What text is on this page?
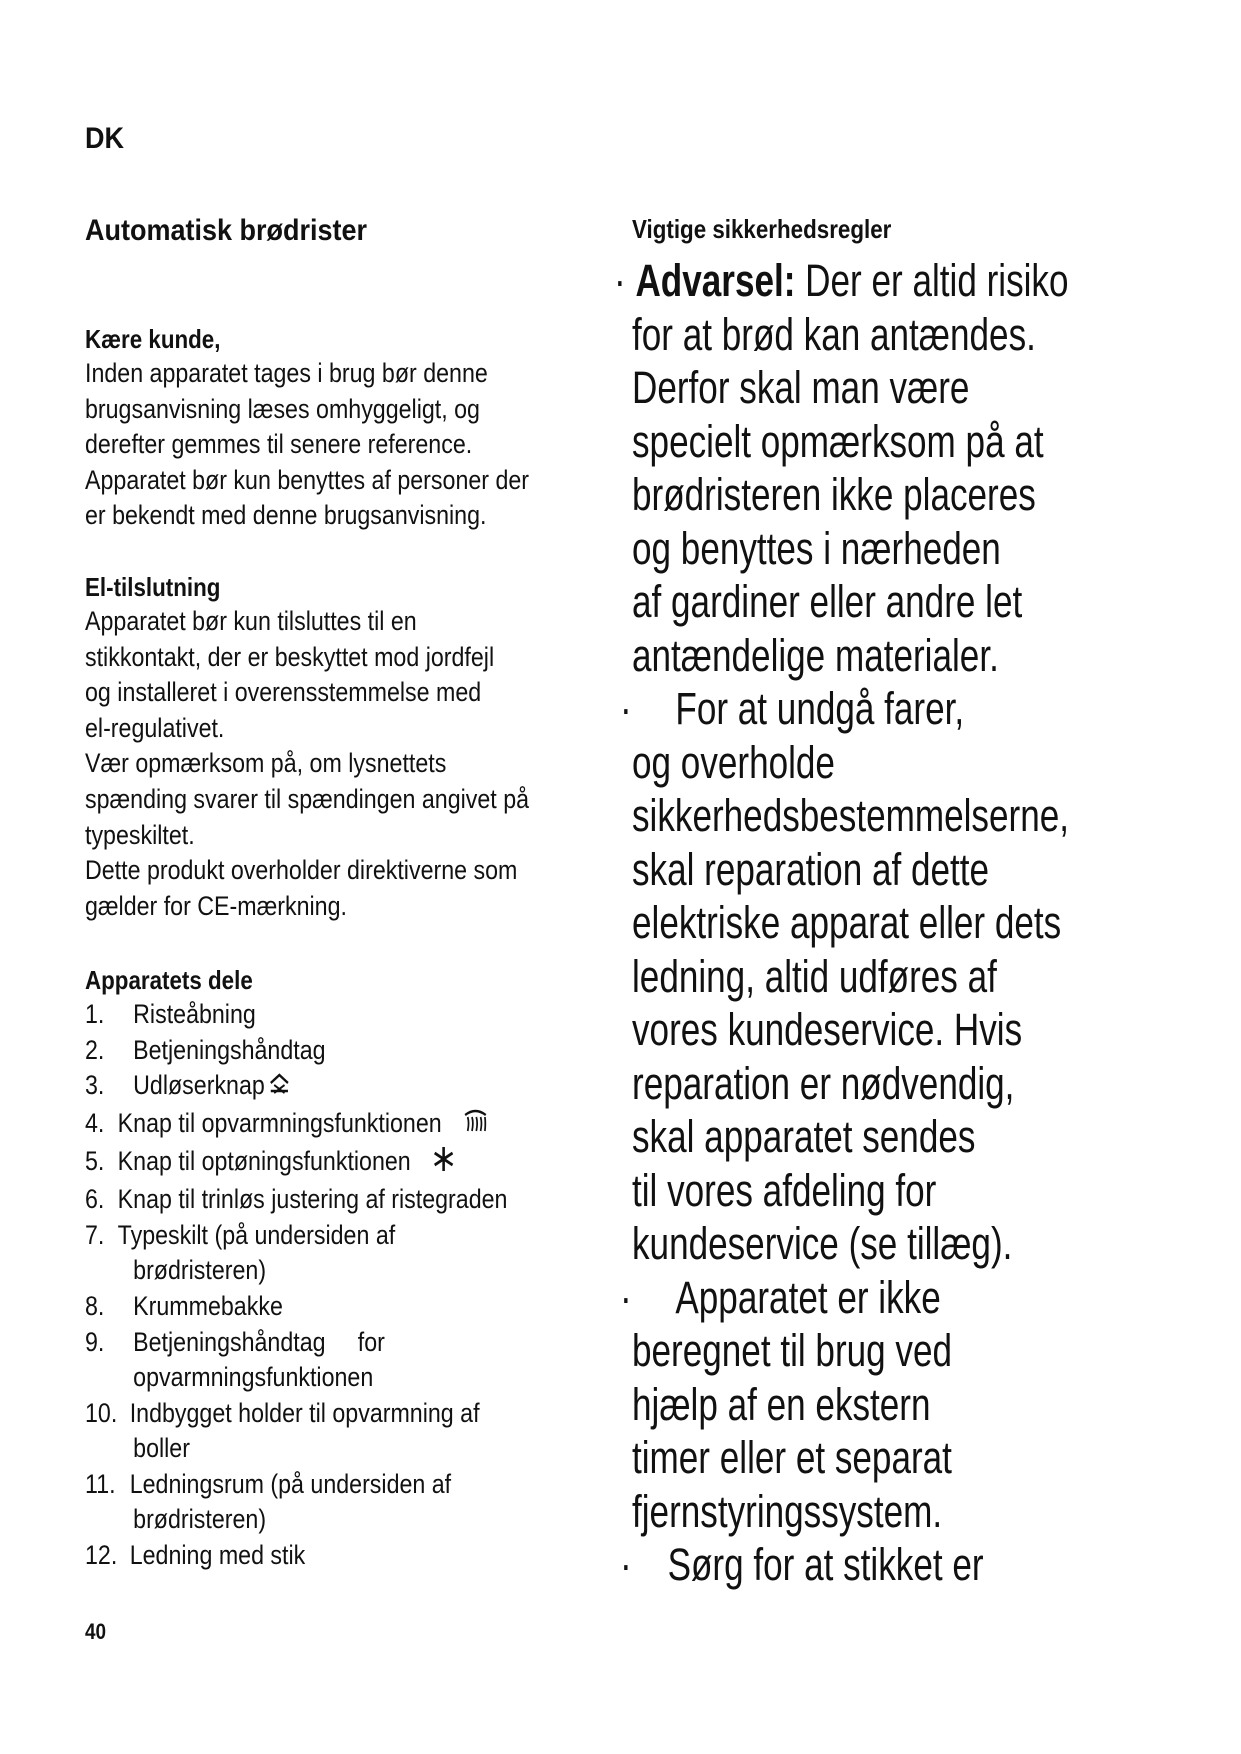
DK
Automatisk brødrister
Kære kunde,
Inden apparatet tages i brug bør denne
brugsanvisning læses omhyggeligt, og
derefter gemmes til senere reference.
Apparatet bør kun benyttes af personer der
er bekendt med denne brugsanvisning.
El-tilslutning
Apparatet bør kun tilsluttes til en
stikkontakt, der er beskyttet mod jordfejl
og installeret i overensstemmelse med
el-regulativet.
Vær opmærksom på, om lysnettets
spænding svarer til spændingen angivet på
typeskiltet.
Dette produkt overholder direktiverne som
gælder for CE-mærkning.
Apparatets dele
1. Risteåbning
2. Betjeningshåndtag
3. Udløserknap
4. Knap til opvarmningsfunktionen
5. Knap til optøningsfunktionen
6. Knap til trinløs justering af ristegraden
7. Typeskilt (på undersiden af
brødristeren)
8. Krummebakke
9. Betjeningshåndtag     for
opvarmningsfunktionen
10. Indbygget holder til opvarmning af
boller
11. Ledningsrum (på undersiden af
brødristeren)
12. Ledning med stik
Vigtige sikkerhedsregler
· Advarsel: Der er altid risiko
for at brød kan antændes.
Derfor skal man være
specielt opmærksom på at
brødristeren ikke placeres
og benyttes i nærheden
af gardiner eller andre let
antændelige materialer.
· For at undgå farer,
og overholde
sikkerhedsbestemmelserne,
skal reparation af dette
elektriske apparat eller dets
ledning, altid udføres af
vores kundeservice. Hvis
reparation er nødvendig,
skal apparatet sendes
til vores afdeling for
kundeservice (se tillæg).
· Apparatet er ikke
beregnet til brug ved
hjælp af en ekstern
timer eller et separat
fjernstyringssystem.
· Sørg for at stikket er
40
